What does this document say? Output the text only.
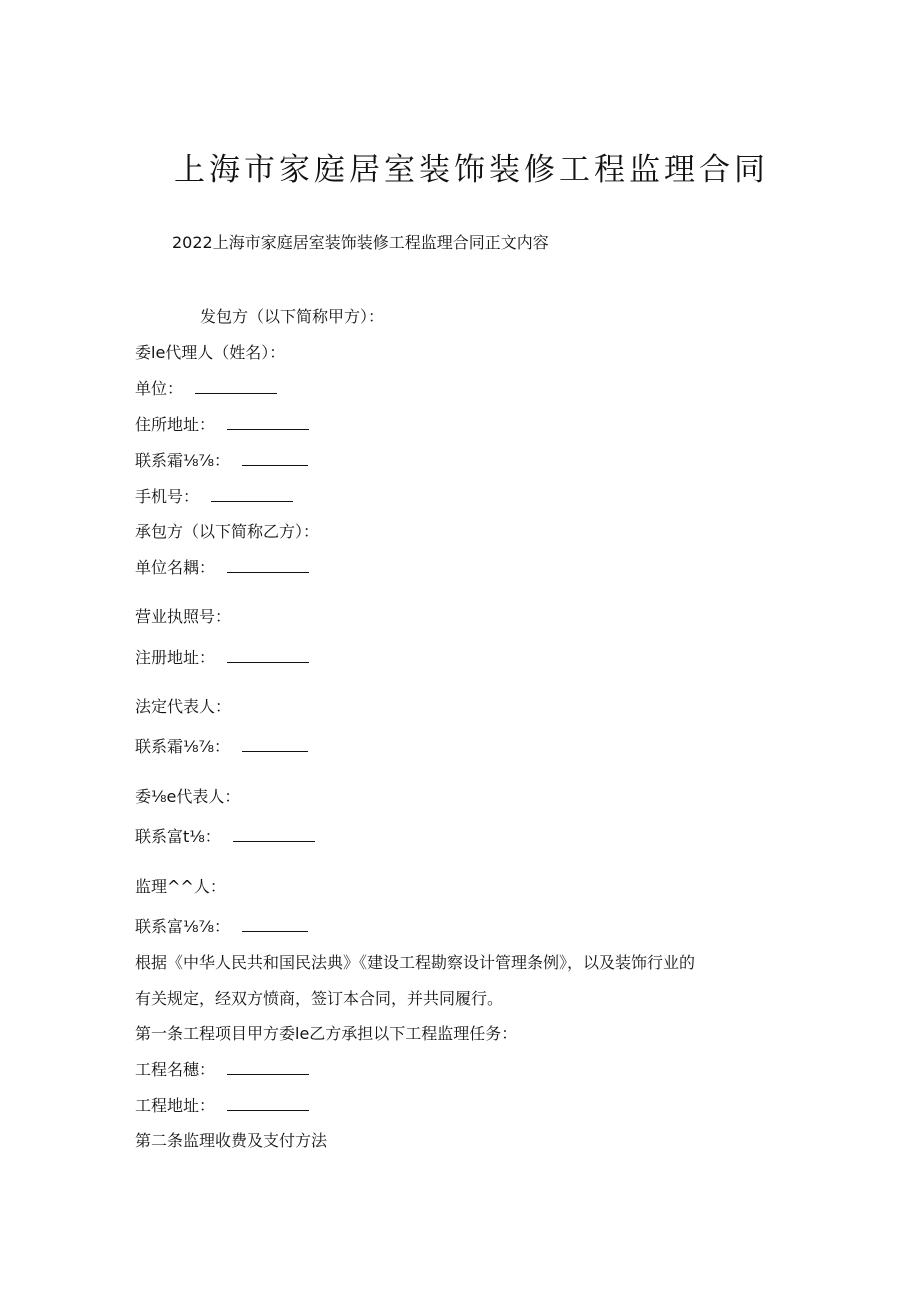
上海市家庭居室装饰装修工程监理合同
2022上海市家庭居室装饰装修工程监理合同正文内容
发包方（以下简称甲方）：
委le代理人（姓名）：
单位：
住所地址：
联系霜⅛⅞：
手机号：
承包方（以下简称乙方）：
单位名耦：
营业执照号：
注册地址：
法定代表人：
联系霜⅛⅞：
委⅛e代表人：
联系富t⅛：
监理^^人：
联系富⅛⅞：
根据《中华人民共和国民法典》《建设工程勘察设计管理条例》，以及装饰行业的
有关规定，经双方愤商，签订本合同，并共同履行。
第一条工程项目甲方委le乙方承担以下工程监理任务：
工程名穗：
工程地址：
第二条监理收费及支付方法
